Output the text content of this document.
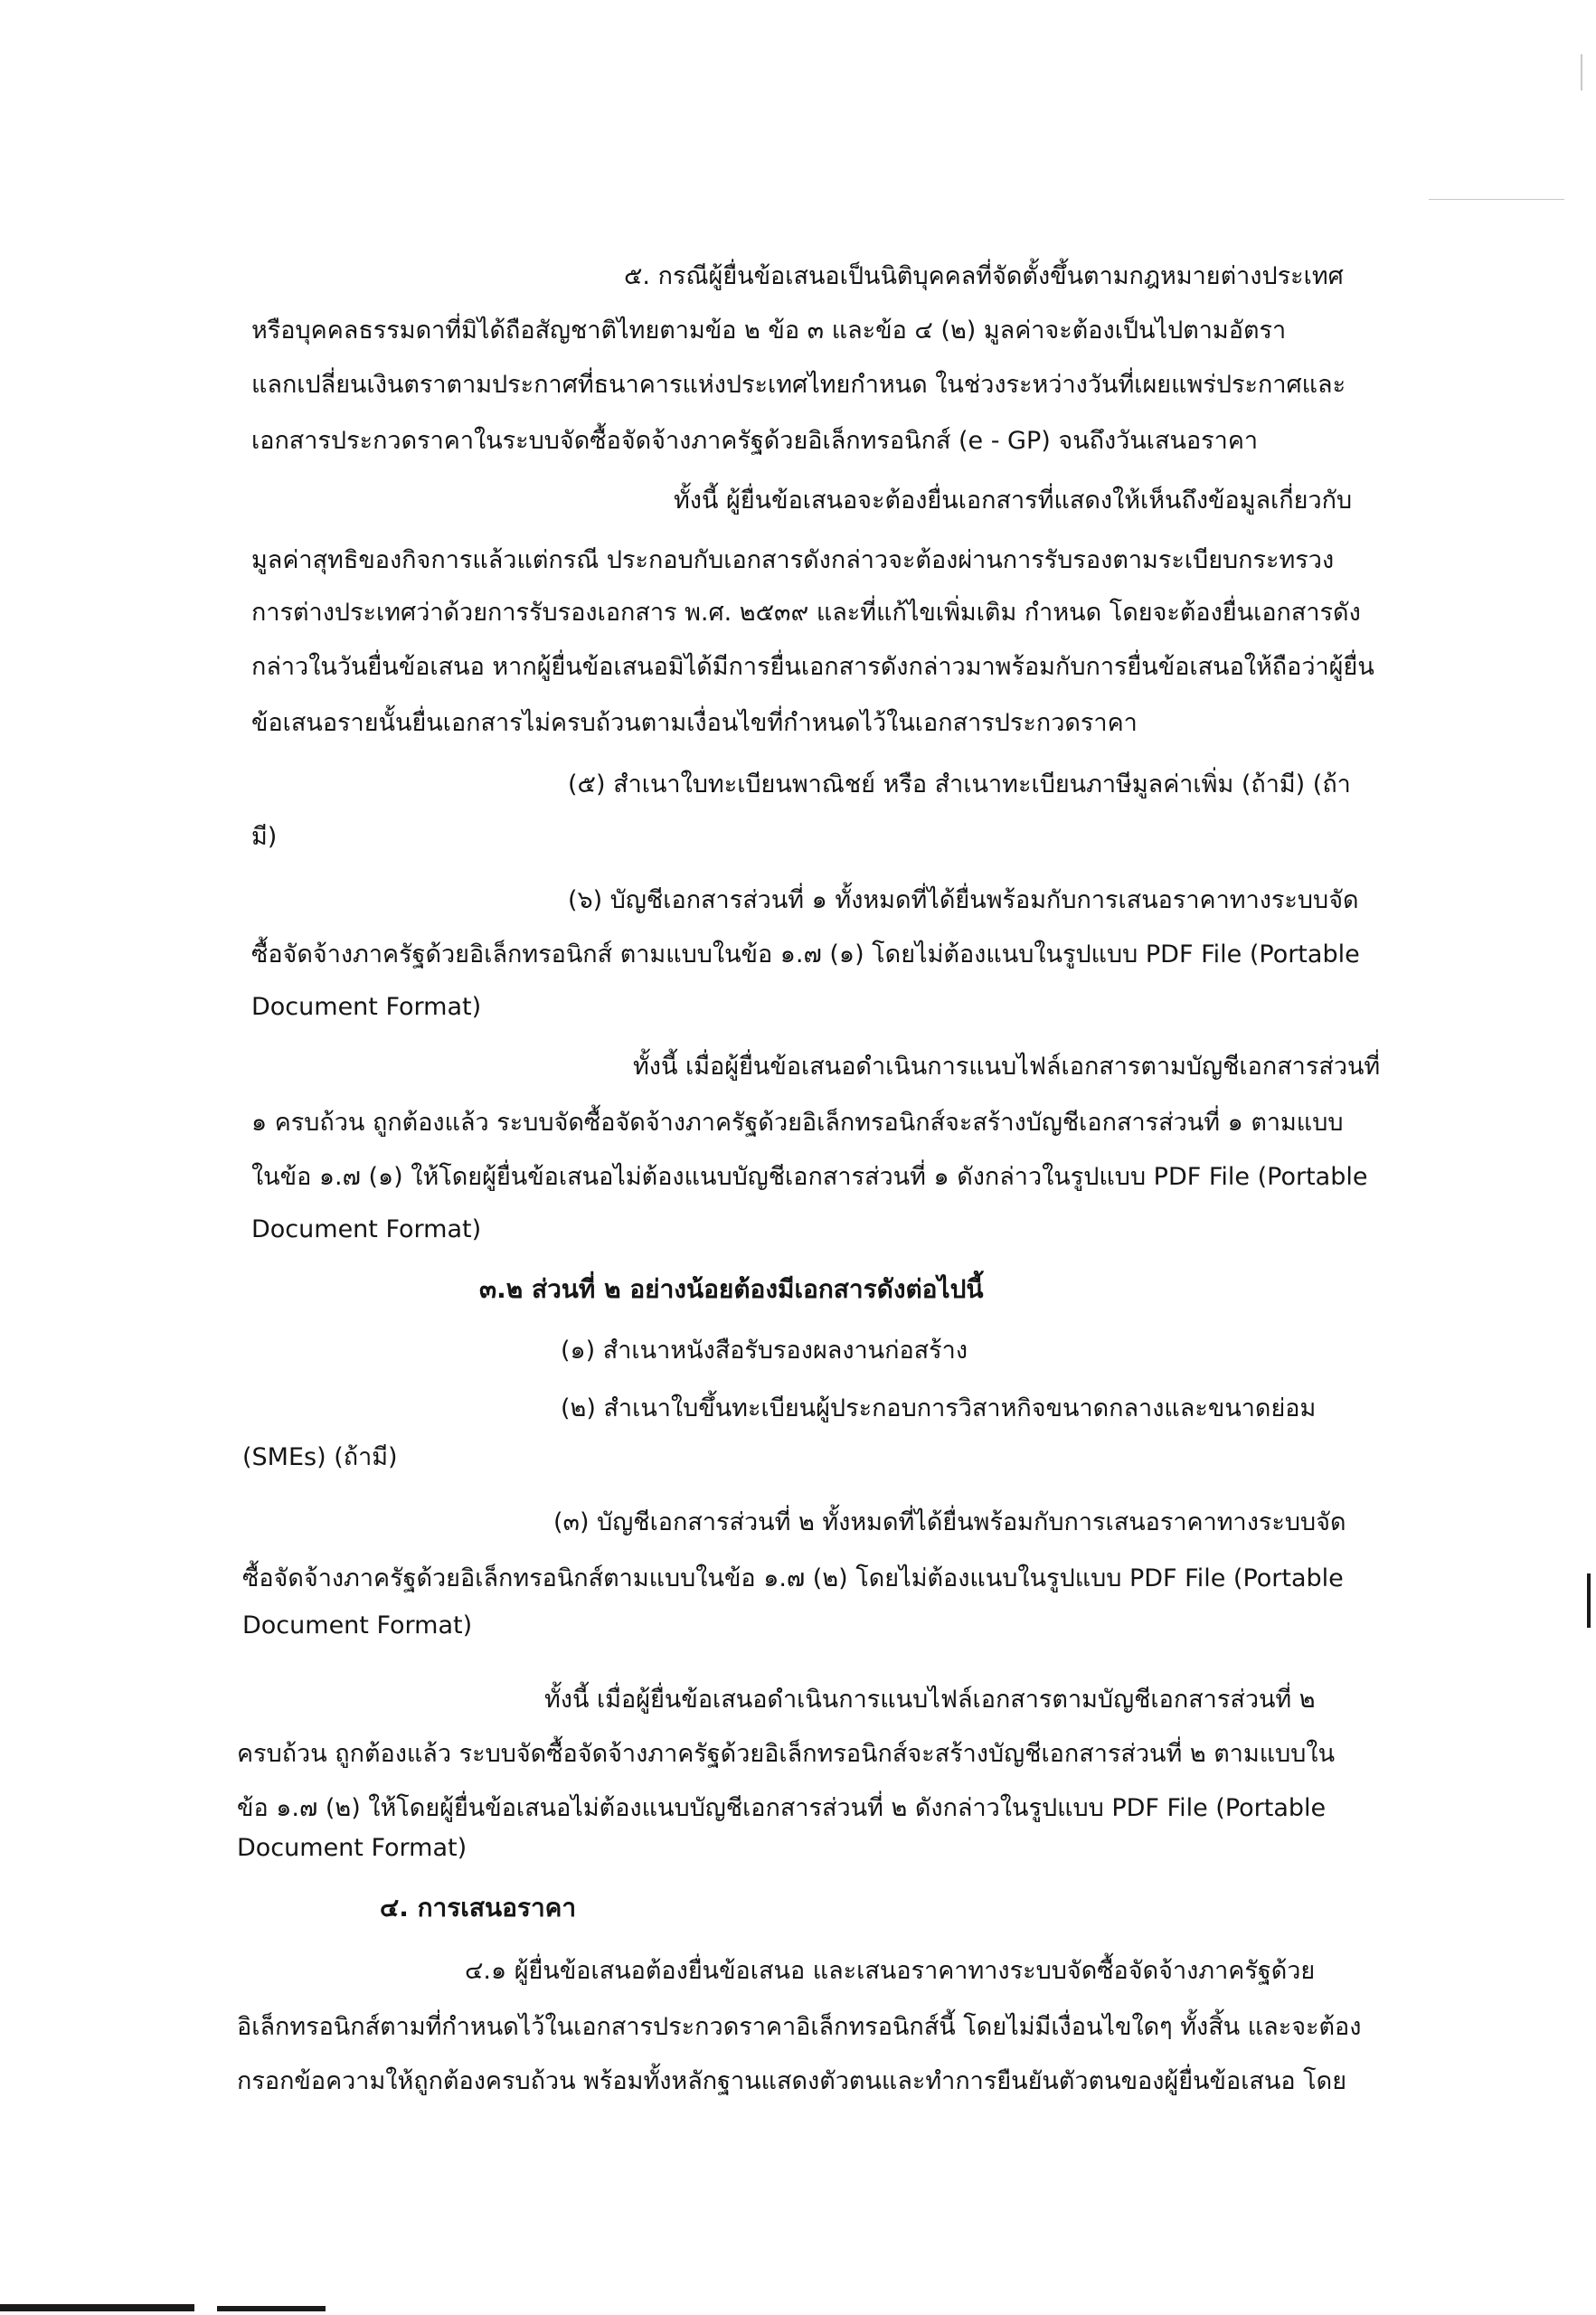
๕. กรณีผู้ยื่นข้อเสนอเป็นนิติบุคคลที่จัดตั้งขึ้นตามกฎหมายต่างประเทศ
หรือบุคคลธรรมดาที่มิได้ถือสัญชาติไทยตามข้อ ๒ ข้อ ๓ และข้อ ๔ (๒) มูลค่าจะต้องเป็นไปตามอัตรา
แลกเปลี่ยนเงินตราตามประกาศที่ธนาคารแห่งประเทศไทยกำหนด ในช่วงระหว่างวันที่เผยแพร่ประกาศและ
เอกสารประกวดราคาในระบบจัดซื้อจัดจ้างภาครัฐด้วยอิเล็กทรอนิกส์ (e - GP) จนถึงวันเสนอราคา
ทั้งนี้ ผู้ยื่นข้อเสนอจะต้องยื่นเอกสารที่แสดงให้เห็นถึงข้อมูลเกี่ยวกับ
มูลค่าสุทธิของกิจการแล้วแต่กรณี ประกอบกับเอกสารดังกล่าวจะต้องผ่านการรับรองตามระเบียบกระทรวง
การต่างประเทศว่าด้วยการรับรองเอกสาร พ.ศ. ๒๕๓๙ และที่แก้ไขเพิ่มเติม กำหนด โดยจะต้องยื่นเอกสารดัง
กล่าวในวันยื่นข้อเสนอ หากผู้ยื่นข้อเสนอมิได้มีการยื่นเอกสารดังกล่าวมาพร้อมกับการยื่นข้อเสนอให้ถือว่าผู้ยื่น
ข้อเสนอรายนั้นยื่นเอกสารไม่ครบถ้วนตามเงื่อนไขที่กำหนดไว้ในเอกสารประกวดราคา
(๕) สำเนาใบทะเบียนพาณิชย์ หรือ สำเนาทะเบียนภาษีมูลค่าเพิ่ม (ถ้ามี) (ถ้า
มี)
(๖) บัญชีเอกสารส่วนที่ ๑ ทั้งหมดที่ได้ยื่นพร้อมกับการเสนอราคาทางระบบจัด
ซื้อจัดจ้างภาครัฐด้วยอิเล็กทรอนิกส์ ตามแบบในข้อ ๑.๗ (๑) โดยไม่ต้องแนบในรูปแบบ PDF File (Portable
Document Format)
ทั้งนี้ เมื่อผู้ยื่นข้อเสนอดำเนินการแนบไฟล์เอกสารตามบัญชีเอกสารส่วนที่
๑ ครบถ้วน ถูกต้องแล้ว ระบบจัดซื้อจัดจ้างภาครัฐด้วยอิเล็กทรอนิกส์จะสร้างบัญชีเอกสารส่วนที่ ๑ ตามแบบ
ในข้อ ๑.๗ (๑) ให้โดยผู้ยื่นข้อเสนอไม่ต้องแนบบัญชีเอกสารส่วนที่ ๑ ดังกล่าวในรูปแบบ PDF File (Portable
Document Format)
๓.๒ ส่วนที่ ๒ อย่างน้อยต้องมีเอกสารดังต่อไปนี้
(๑) สำเนาหนังสือรับรองผลงานก่อสร้าง
(๒) สำเนาใบขึ้นทะเบียนผู้ประกอบการวิสาหกิจขนาดกลางและขนาดย่อม
(SMEs) (ถ้ามี)
(๓) บัญชีเอกสารส่วนที่ ๒ ทั้งหมดที่ได้ยื่นพร้อมกับการเสนอราคาทางระบบจัด
ซื้อจัดจ้างภาครัฐด้วยอิเล็กทรอนิกส์ตามแบบในข้อ ๑.๗ (๒) โดยไม่ต้องแนบในรูปแบบ PDF File (Portable
Document Format)
ทั้งนี้ เมื่อผู้ยื่นข้อเสนอดำเนินการแนบไฟล์เอกสารตามบัญชีเอกสารส่วนที่ ๒
ครบถ้วน ถูกต้องแล้ว ระบบจัดซื้อจัดจ้างภาครัฐด้วยอิเล็กทรอนิกส์จะสร้างบัญชีเอกสารส่วนที่ ๒ ตามแบบใน
ข้อ ๑.๗ (๒) ให้โดยผู้ยื่นข้อเสนอไม่ต้องแนบบัญชีเอกสารส่วนที่ ๒ ดังกล่าวในรูปแบบ PDF File (Portable
Document Format)
๔. การเสนอราคา
๔.๑ ผู้ยื่นข้อเสนอต้องยื่นข้อเสนอ และเสนอราคาทางระบบจัดซื้อจัดจ้างภาครัฐด้วย
อิเล็กทรอนิกส์ตามที่กำหนดไว้ในเอกสารประกวดราคาอิเล็กทรอนิกส์นี้ โดยไม่มีเงื่อนไขใดๆ ทั้งสิ้น และจะต้อง
กรอกข้อความให้ถูกต้องครบถ้วน พร้อมทั้งหลักฐานแสดงตัวตนและทำการยืนยันตัวตนของผู้ยื่นข้อเสนอ โดย
